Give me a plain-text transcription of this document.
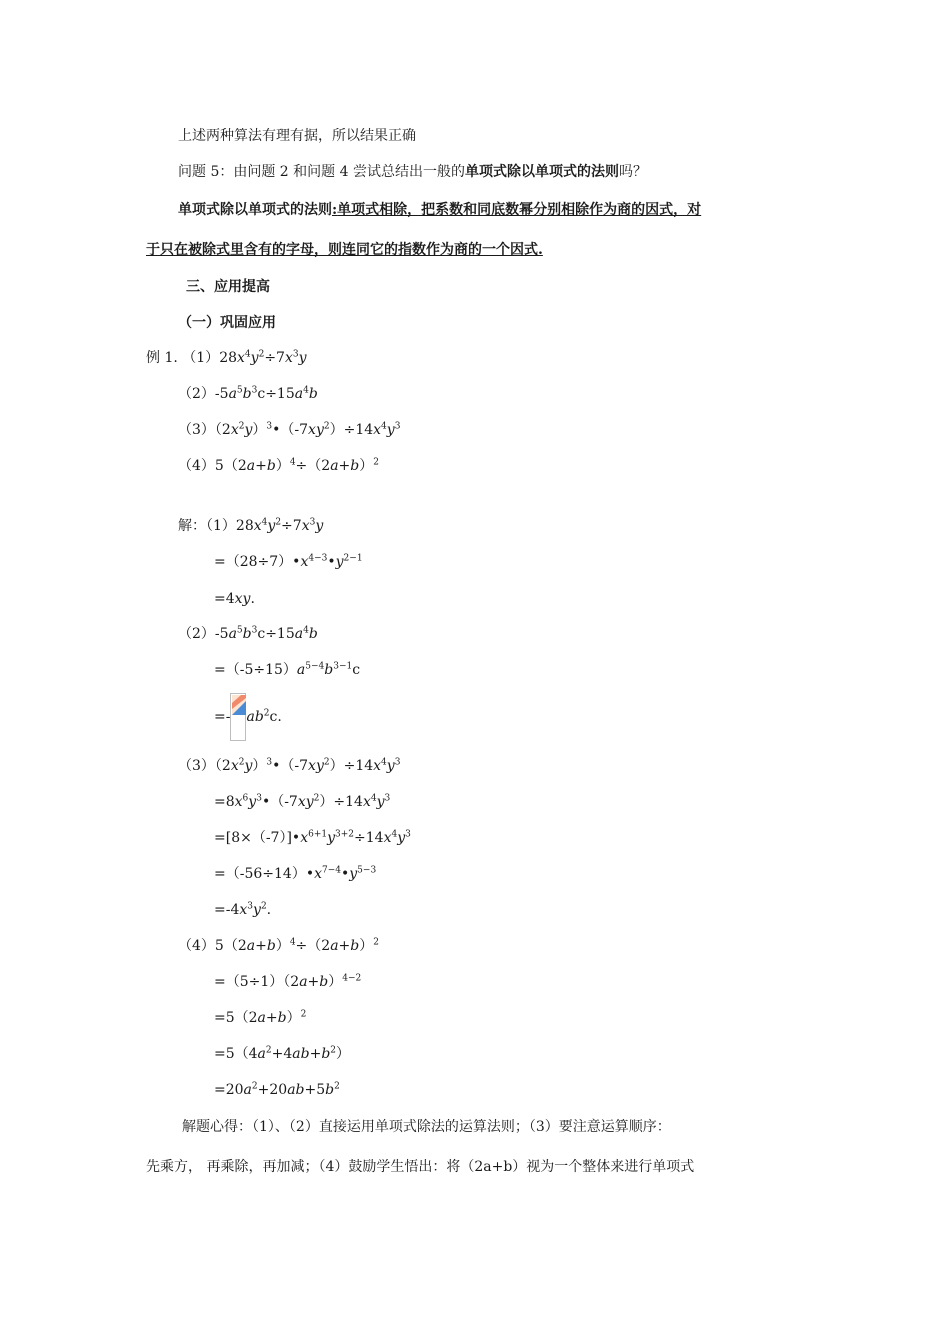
上述两种算法有理有据，所以结果正确
问题 5：由问题 2 和问题 4 尝试总结出一般的单项式除以单项式的法则吗？
单项式除以单项式的法则:单项式相除，把系数和同底数幂分别相除作为商的因式，对
于只在被除式里含有的字母，则连同它的指数作为商的一个因式.
三、应用提高
（一）巩固应用
例 1. $(1)28x^4y^2\div 7x^3y$
$(2)-5a^5b^3c\div 15a^4b$
$(3)(2x^2y)^3•(-7xy^2)\div 14x^4y^3$
$(4)5(2a+b)^4\div(2a+b)^2$
解：$(1)28x^4y^2\div 7x^3y$
$=(28\div 7)•x^{4-3}•y^{2-1}$
=4xy.
$(2)-5a^5b^3c\div 15a^4b$
$=(-5\div 15)a^{5-4}b^{3-1}c$
=- $ab^2c$.
$(3)(2x^2y)^3•(-7xy^2)\div 14x^4y^3$
$=8x^6y^3•(-7xy^2)\div 14x^4y^3$
$=[8\times(-7)]•x^{6+1}y^{3+2}\div 14x^4y^3$
$=(-56\div 14)•x^{7-4}•y^{5-3}$
$=-4x^3y^2$.
$(4)5(2a+b)^4\div(2a+b)^2$
$=(5\div 1)(2a+b)^{4-2}$
$=5(2a+b)^2$
$=5(4a^2+4ab+b^2)$
$=20a^2+20ab+5b^2$
解题心得：（1）、（2）直接运用单项式除法的运算法则；（3）要注意运算顺序：
先乘方， 再乘除，再加减；（4）鼓励学生悟出：将（2a+b）视为一个整体来进行单项式
